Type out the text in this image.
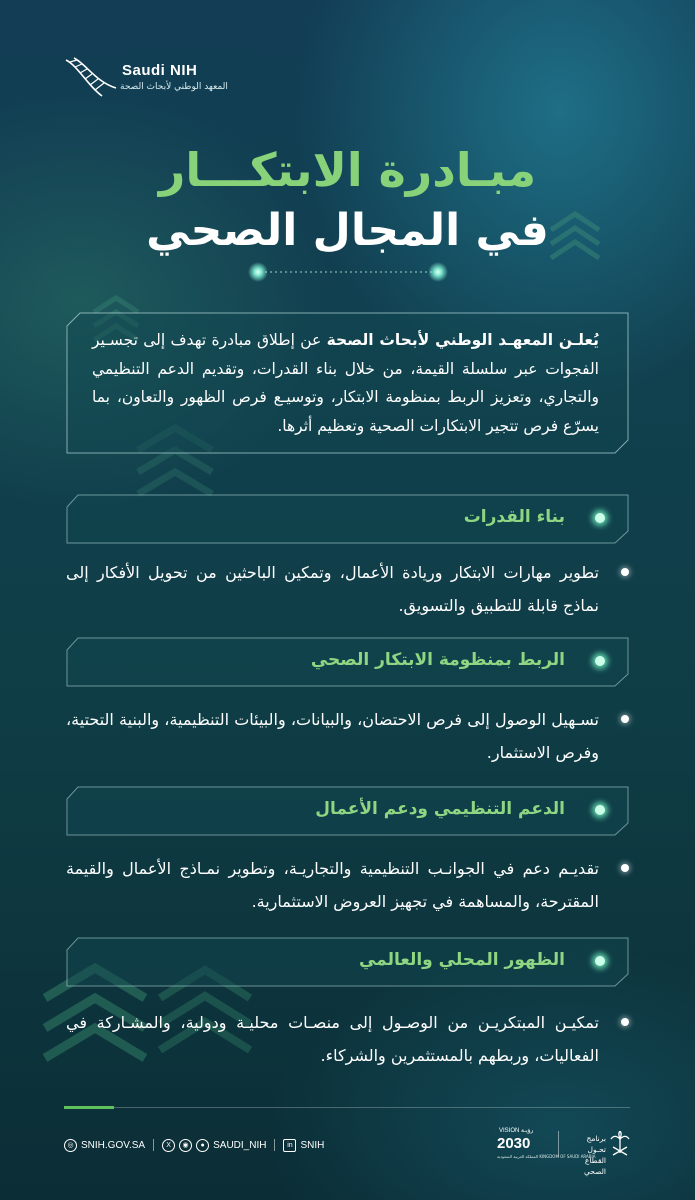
Saudi NIH
المعهد الوطني لأبحاث الصحة
مبـادرة الابتكـــار
في المجال الصحي
يُعلـن المعهـد الوطني لأبحاث الصحة عن إطلاق مبادرة تهدف إلى تجسـير الفجوات عبر سلسلة القيمة، من خلال بناء القدرات، وتقديم الدعم التنظيمي والتجاري، وتعزيز الربط بمنظومة الابتكار، وتوسيـع فرص الظهور والتعاون، بما يسرّع فرص تتجير الابتكارات الصحية وتعظيم أثرها.
بناء القدرات
تطوير مهارات الابتكار وريادة الأعمال، وتمكين الباحثين من تحويل الأفكار إلى نماذج قابلة للتطبيق والتسويق.
الربط بمنظومة الابتكار الصحي
تسـهيل الوصول إلى فرص الاحتضان، والبيانات، والبيئات التنظيمية، والبنية التحتية، وفرص الاستثمار.
الدعم التنظيمي ودعم الأعمال
تقديـم دعم في الجوانـب التنظيمية والتجاريـة، وتطوير نمـاذج الأعمال والقيمة المقترحة، والمساهمة في تجهيز العروض الاستثمارية.
الظهور المحلي والعالمي
تمكيـن المبتكريـن من الوصـول إلى منصـات محليـة ودولية، والمشـاركة في الفعاليات، وربطهم بالمستثمرين والشركاء.
◎ SNIH.GOV.SA	X	◉	● SAUDI_NIH	in SNIH
VISION رؤيـة
2030
المملكة العربية السعودية KINGDOM OF SAUDI ARABIA
برنامج تحـول القطاع الصحي
